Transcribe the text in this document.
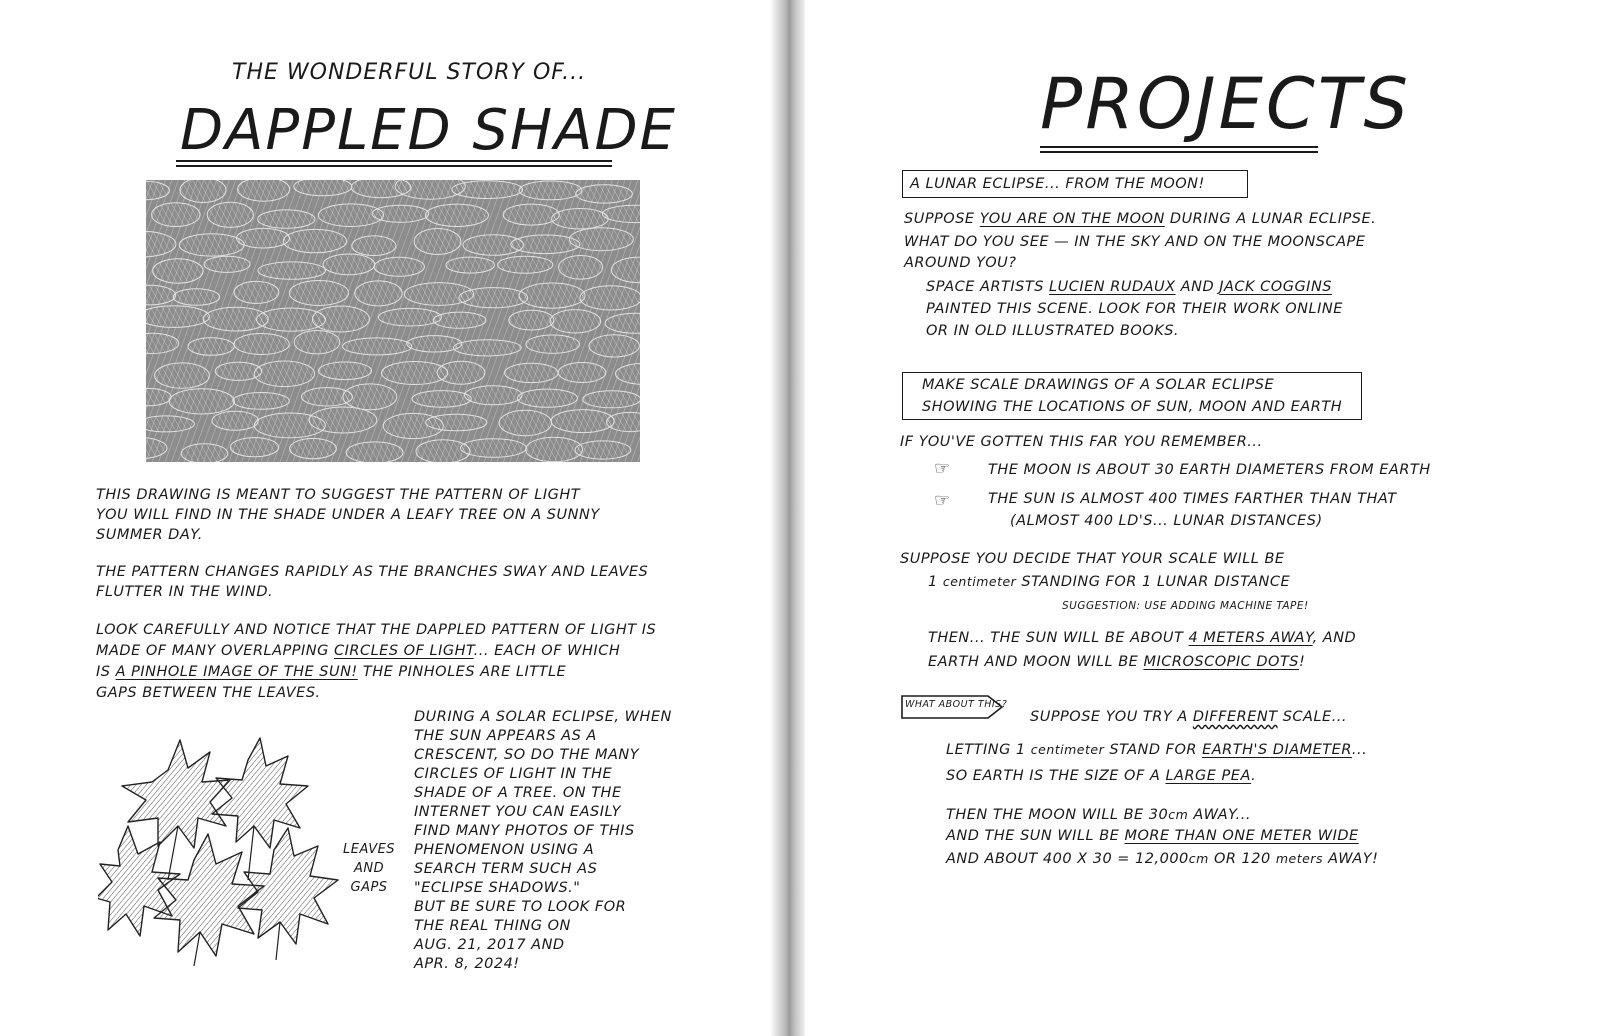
THE WONDERFUL STORY OF...
DAPPLED SHADE
THIS DRAWING IS MEANT TO SUGGEST THE PATTERN OF LIGHT
YOU WILL FIND IN THE SHADE UNDER A LEAFY TREE ON A SUNNY
SUMMER DAY.
THE PATTERN CHANGES RAPIDLY AS THE BRANCHES SWAY AND LEAVES
FLUTTER IN THE WIND.
LOOK CAREFULLY AND NOTICE THAT THE DAPPLED PATTERN OF LIGHT IS
MADE OF MANY OVERLAPPING CIRCLES OF LIGHT... EACH OF WHICH
IS A PINHOLE IMAGE OF THE SUN! THE PINHOLES ARE LITTLE
GAPS BETWEEN THE LEAVES.
DURING A SOLAR ECLIPSE, WHEN
THE SUN APPEARS AS A
CRESCENT, SO DO THE MANY
CIRCLES OF LIGHT IN THE
SHADE OF A TREE. ON THE
INTERNET YOU CAN EASILY
FIND MANY PHOTOS OF THIS
PHENOMENON USING A
SEARCH TERM SUCH AS
"ECLIPSE SHADOWS."
BUT BE SURE TO LOOK FOR
THE REAL THING ON
AUG. 21, 2017 AND
APR. 8, 2024!
LEAVES
AND
GAPS
PROJECTS
A LUNAR ECLIPSE... FROM THE MOON!
SUPPOSE YOU ARE ON THE MOON DURING A LUNAR ECLIPSE.
WHAT DO YOU SEE — IN THE SKY AND ON THE MOONSCAPE
AROUND YOU?
SPACE ARTISTS LUCIEN RUDAUX AND JACK COGGINS
PAINTED THIS SCENE. LOOK FOR THEIR WORK ONLINE
OR IN OLD ILLUSTRATED BOOKS.
MAKE SCALE DRAWINGS OF A SOLAR ECLIPSE
SHOWING THE LOCATIONS OF SUN, MOON AND EARTH
IF YOU'VE GOTTEN THIS FAR YOU REMEMBER...
☞	THE MOON IS ABOUT 30 EARTH DIAMETERS FROM EARTH
☞	THE SUN IS ALMOST 400 TIMES FARTHER THAN THAT
(ALMOST 400 LD'S... LUNAR DISTANCES)
SUPPOSE YOU DECIDE THAT YOUR SCALE WILL BE
1 centimeter STANDING FOR 1 LUNAR DISTANCE
SUGGESTION: USE ADDING MACHINE TAPE!
THEN... THE SUN WILL BE ABOUT 4 METERS AWAY, AND
EARTH AND MOON WILL BE MICROSCOPIC DOTS!
WHAT ABOUT THIS?
SUPPOSE YOU TRY A DIFFERENT SCALE...
LETTING 1 centimeter STAND FOR EARTH'S DIAMETER...
SO EARTH IS THE SIZE OF A LARGE PEA.
THEN THE MOON WILL BE 30cm AWAY...
AND THE SUN WILL BE MORE THAN ONE METER WIDE
AND ABOUT 400 X 30 = 12,000cm OR 120 meters AWAY!
